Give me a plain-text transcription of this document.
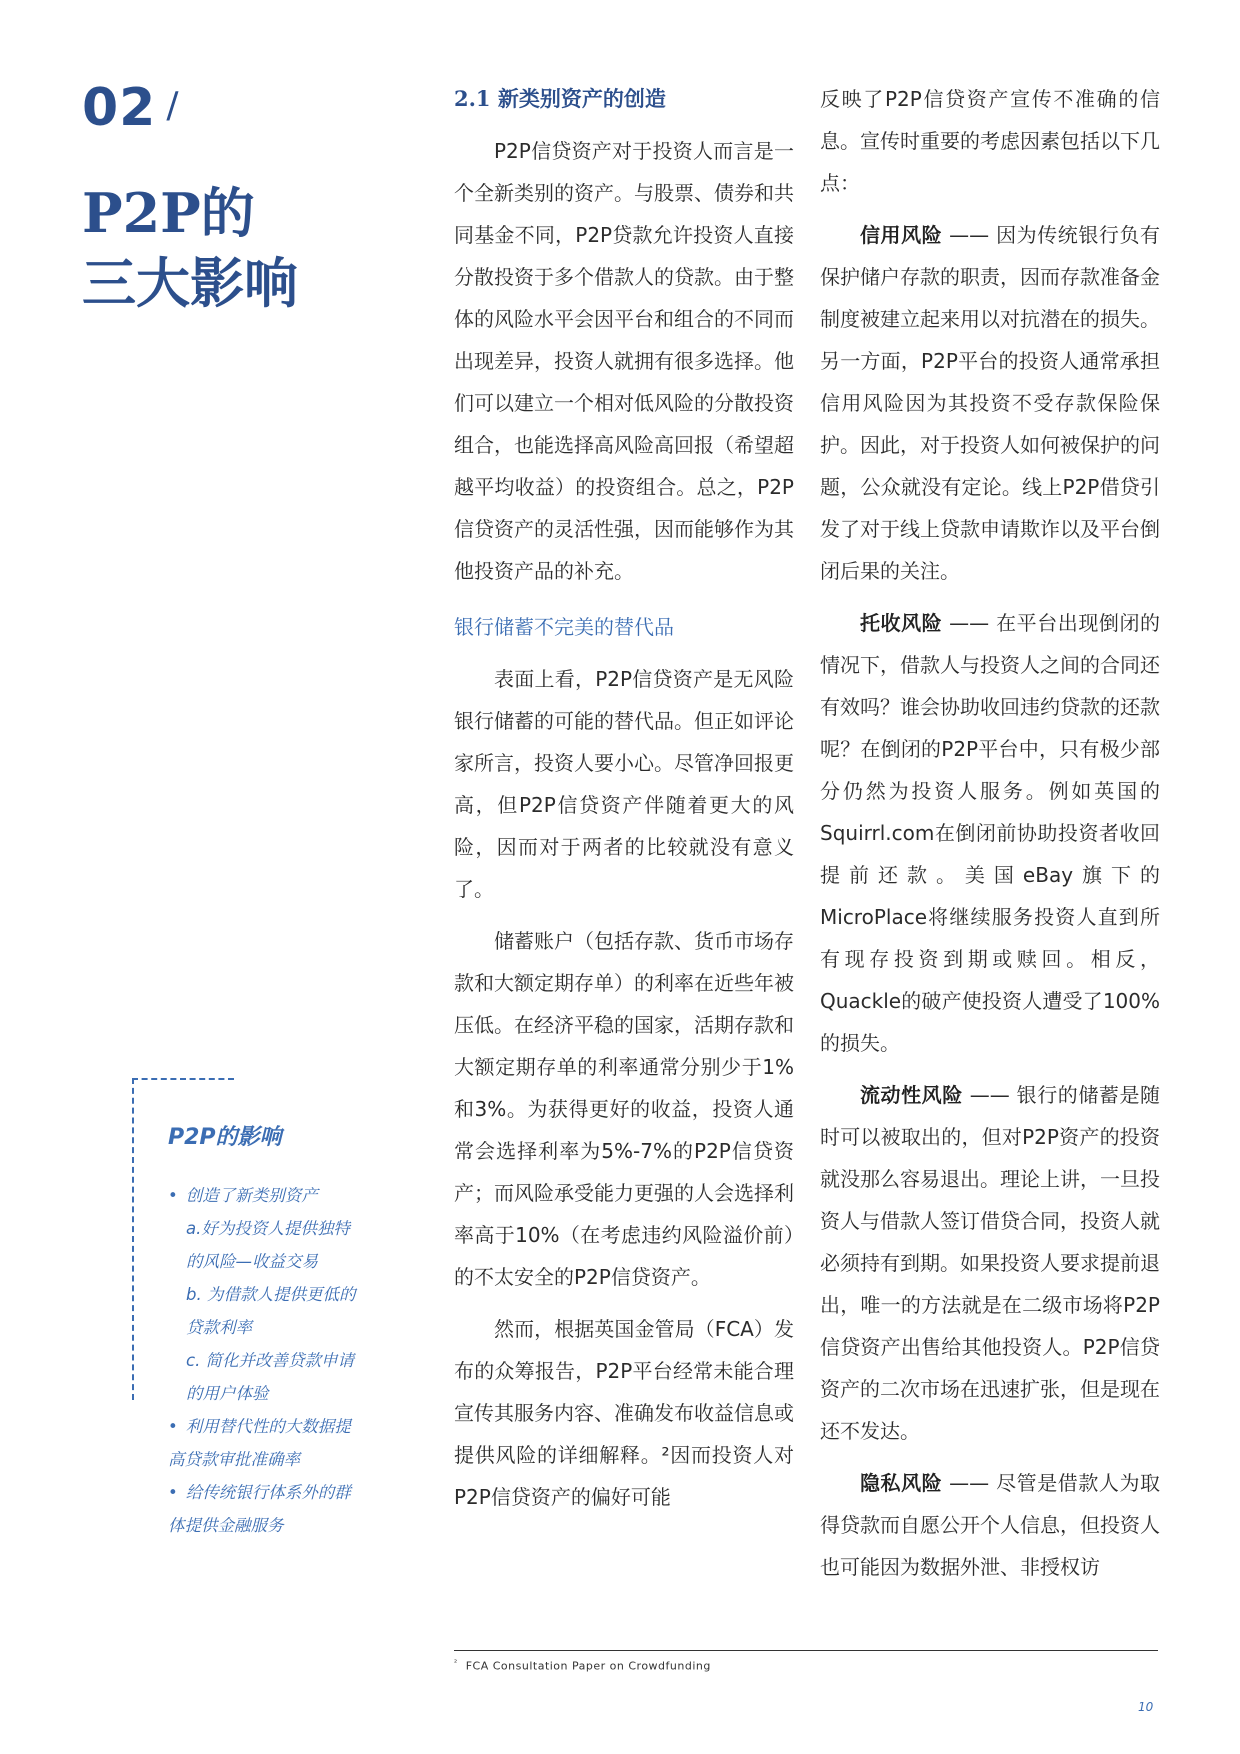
02 /
P2P的
三大影响
P2P的影响
• 创造了新类别资产
a.好为投资人提供独特
的风险—收益交易
b. 为借款人提供更低的
贷款利率
c. 简化并改善贷款申请
的用户体验
• 利用替代性的大数据提
高贷款审批准确率
• 给传统银行体系外的群
体提供金融服务
2.1 新类别资产的创造

P2P信贷资产对于投资人而言是一个全新类别的资产。与股票、债券和共同基金不同，P2P贷款允许投资人直接分散投资于多个借款人的贷款。由于整体的风险水平会因平台和组合的不同而出现差异，投资人就拥有很多选择。他们可以建立一个相对低风险的分散投资组合，也能选择高风险高回报（希望超越平均收益）的投资组合。总之，P2P信贷资产的灵活性强，因而能够作为其他投资产品的补充。

银行储蓄不完美的替代品

表面上看，P2P信贷资产是无风险银行储蓄的可能的替代品。但正如评论家所言，投资人要小心。尽管净回报更高，但P2P信贷资产伴随着更大的风险，因而对于两者的比较就没有意义了。

储蓄账户（包括存款、货币市场存款和大额定期存单）的利率在近些年被压低。在经济平稳的国家，活期存款和大额定期存单的利率通常分别少于1%和3%。为获得更好的收益，投资人通常会选择利率为5%-7%的P2P信贷资产；而风险承受能力更强的人会选择利率高于10%（在考虑违约风险溢价前）的不太安全的P2P信贷资产。

然而，根据英国金管局（FCA）发布的众筹报告，P2P平台经常未能合理宣传其服务内容、准确发布收益信息或提供风险的详细解释。²因而投资人对P2P信贷资产的偏好可能

反映了P2P信贷资产宣传不准确的信息。宣传时重要的考虑因素包括以下几点：

信用风险 —— 因为传统银行负有保护储户存款的职责，因而存款准备金制度被建立起来用以对抗潜在的损失。另一方面，P2P平台的投资人通常承担信用风险因为其投资不受存款保险保护。因此，对于投资人如何被保护的问题，公众就没有定论。线上P2P借贷引发了对于线上贷款申请欺诈以及平台倒闭后果的关注。

托收风险 —— 在平台出现倒闭的情况下，借款人与投资人之间的合同还有效吗？谁会协助收回违约贷款的还款呢？在倒闭的P2P平台中，只有极少部分仍然为投资人服务。例如英国的Squirrl.com在倒闭前协助投资者收回提前还款。美国eBay旗下的　MicroPlace将继续服务投资人直到所有现存投资到期或赎回。相反，Quackle的破产使投资人遭受了100%的损失。

流动性风险 —— 银行的储蓄是随时可以被取出的，但对P2P资产的投资就没那么容易退出。理论上讲，一旦投资人与借款人签订借贷合同，投资人就必须持有到期。如果投资人要求提前退出，唯一的方法就是在二级市场将P2P信贷资产出售给其他投资人。P2P信贷资产的二次市场在迅速扩张，但是现在还不发达。

隐私风险 —— 尽管是借款人为取得贷款而自愿公开个人信息，但投资人也可能因为数据外泄、非授权访

$^{^2}$ FCA Consultation Paper on Crowdfunding
10
